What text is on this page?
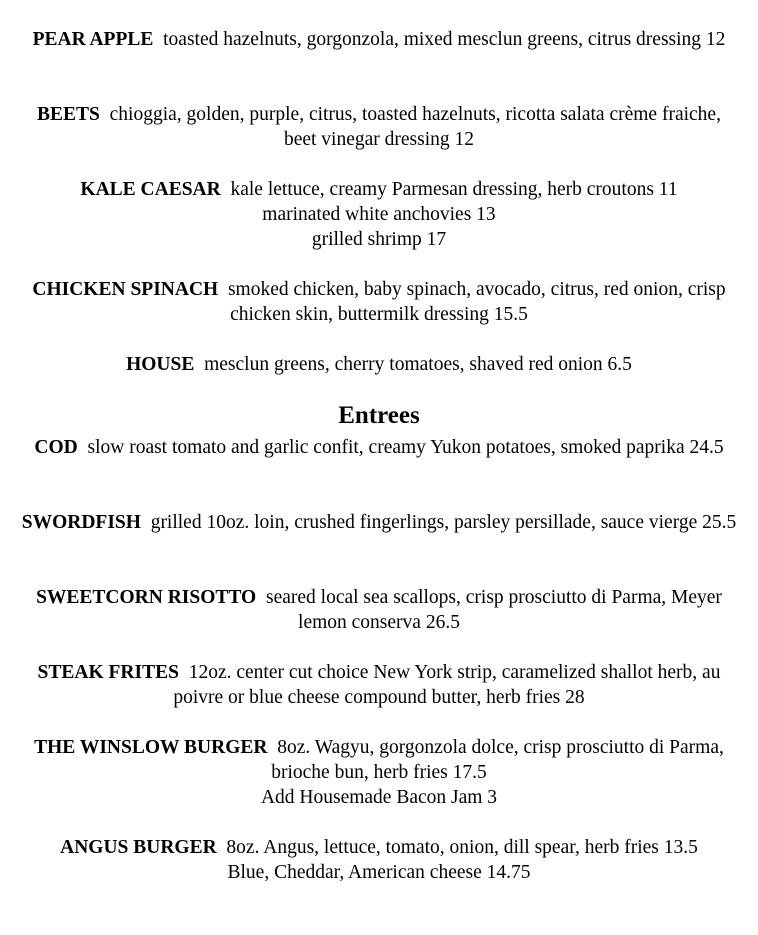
PEAR APPLE toasted hazelnuts, gorgonzola, mixed mesclun greens, citrus dressing 12
BEETS chioggia, golden, purple, citrus, toasted hazelnuts, ricotta salata crème fraiche, beet vinegar dressing 12
KALE CAESAR kale lettuce, creamy Parmesan dressing, herb croutons 11
marinated white anchovies 13
grilled shrimp 17
CHICKEN SPINACH smoked chicken, baby spinach, avocado, citrus, red onion, crisp chicken skin, buttermilk dressing 15.5
HOUSE mesclun greens, cherry tomatoes, shaved red onion 6.5
Entrees
COD slow roast tomato and garlic confit, creamy Yukon potatoes, smoked paprika 24.5
SWORDFISH grilled 10oz. loin, crushed fingerlings, parsley persillade, sauce vierge 25.5
SWEETCORN RISOTTO seared local sea scallops, crisp prosciutto di Parma, Meyer lemon conserva 26.5
STEAK FRITES 12oz. center cut choice New York strip, caramelized shallot herb, au poivre or blue cheese compound butter, herb fries 28
THE WINSLOW BURGER 8oz. Wagyu, gorgonzola dolce, crisp prosciutto di Parma, brioche bun, herb fries 17.5
Add Housemade Bacon Jam 3
ANGUS BURGER 8oz. Angus, lettuce, tomato, onion, dill spear, herb fries 13.5
Blue, Cheddar, American cheese 14.75
